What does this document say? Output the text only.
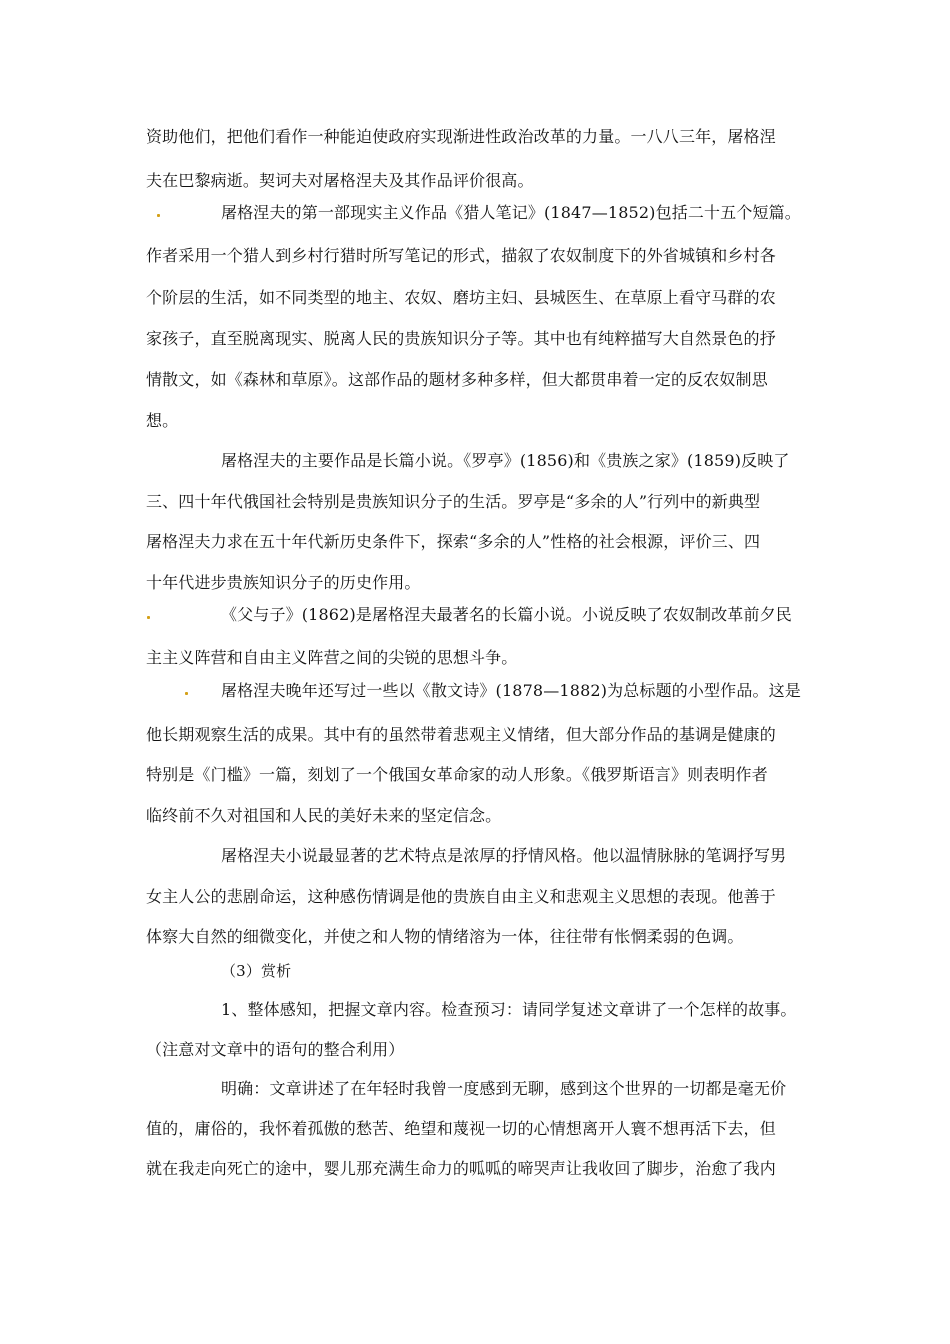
资助他们，把他们看作一种能迫使政府实现渐进性政治改革的力量。一八八三年，屠格涅
夫在巴黎病逝。契诃夫对屠格涅夫及其作品评价很高。
屠格涅夫的第一部现实主义作品《猎人笔记》(1847—1852)包括二十五个短篇。
作者采用一个猎人到乡村行猎时所写笔记的形式，描叙了农奴制度下的外省城镇和乡村各
个阶层的生活，如不同类型的地主、农奴、磨坊主妇、县城医生、在草原上看守马群的农
家孩子，直至脱离现实、脱离人民的贵族知识分子等。其中也有纯粹描写大自然景色的抒
情散文，如《森林和草原》。这部作品的题材多种多样，但大都贯串着一定的反农奴制思
想。
屠格涅夫的主要作品是长篇小说。《罗亭》(1856)和《贵族之家》(1859)反映了
三、四十年代俄国社会特别是贵族知识分子的生活。罗亭是“多余的人”行列中的新典型
屠格涅夫力求在五十年代新历史条件下，探索“多余的人”性格的社会根源，评价三、四
十年代进步贵族知识分子的历史作用。
《父与子》(1862)是屠格涅夫最著名的长篇小说。小说反映了农奴制改革前夕民
主主义阵营和自由主义阵营之间的尖锐的思想斗争。
屠格涅夫晚年还写过一些以《散文诗》(1878—1882)为总标题的小型作品。这是
他长期观察生活的成果。其中有的虽然带着悲观主义情绪，但大部分作品的基调是健康的
特别是《门槛》一篇，刻划了一个俄国女革命家的动人形象。《俄罗斯语言》则表明作者
临终前不久对祖国和人民的美好未来的坚定信念。
屠格涅夫小说最显著的艺术特点是浓厚的抒情风格。他以温情脉脉的笔调抒写男
女主人公的悲剧命运，这种感伤情调是他的贵族自由主义和悲观主义思想的表现。他善于
体察大自然的细微变化，并使之和人物的情绪溶为一体，往往带有怅惘柔弱的色调。
（3）赏析
1、整体感知，把握文章内容。检查预习：请同学复述文章讲了一个怎样的故事。
（注意对文章中的语句的整合利用）
明确：文章讲述了在年轻时我曾一度感到无聊，感到这个世界的一切都是毫无价
值的，庸俗的，我怀着孤傲的愁苦、绝望和蔑视一切的心情想离开人寰不想再活下去，但
就在我走向死亡的途中，婴儿那充满生命力的呱呱的啼哭声让我收回了脚步，治愈了我内
